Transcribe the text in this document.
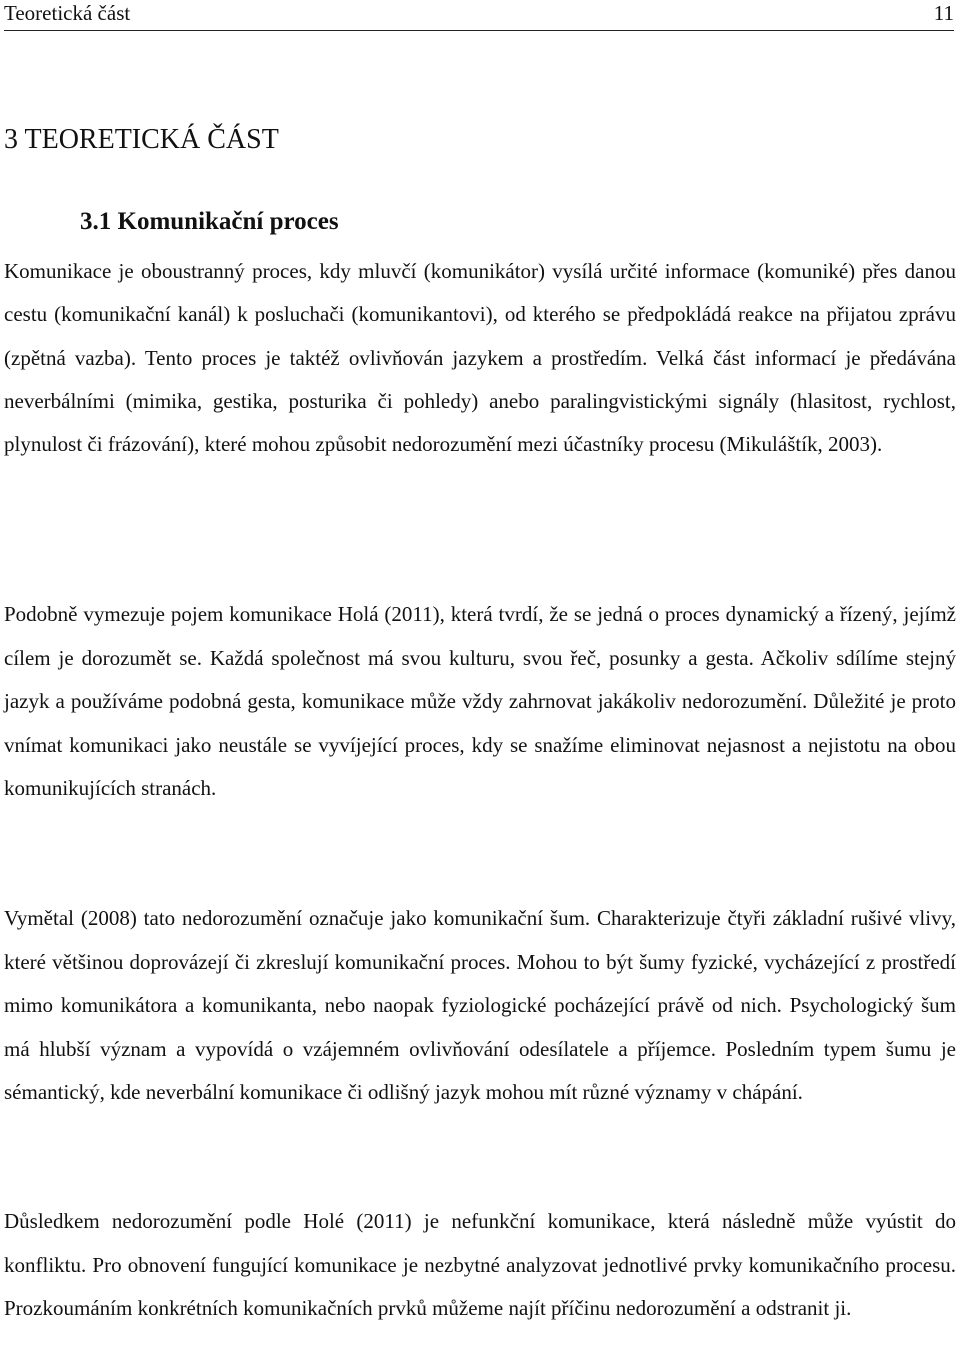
Teoretická část	11
3 TEORETICKÁ ČÁST
3.1 Komunikační proces

Komunikace je oboustranný proces, kdy mluvčí (komunikátor) vysílá určité informace (komuniké) přes danou cestu (komunikační kanál) k posluchači (komunikantovi), od kterého se předpokládá reakce na přijatou zprávu (zpětná vazba). Tento proces je taktéž ovlivňován jazykem a prostředím. Velká část informací je předávána neverbálními (mimika, gestika, posturika či pohledy) anebo paralingvistickými signály (hlasitost, rychlost, plynulost či frázování), které mohou způsobit nedorozumění mezi účastníky procesu (Mikuláštík, 2003).

Podobně vymezuje pojem komunikace Holá (2011), která tvrdí, že se jedná o proces dynamický a řízený, jejímž cílem je dorozumět se. Každá společnost má svou kulturu, svou řeč, posunky a gesta. Ačkoliv sdílíme stejný jazyk a používáme podobná gesta, komunikace může vždy zahrnovat jakákoliv nedorozumění. Důležité je proto vnímat komunikaci jako neustále se vyvíjející proces, kdy se snažíme eliminovat nejasnost a nejistotu na obou komunikujících stranách.

Vymětal (2008) tato nedorozumění označuje jako komunikační šum. Charakterizuje čtyři základní rušivé vlivy, které většinou doprovázejí či zkreslují komunikační proces. Mohou to být šumy fyzické, vycházející z prostředí mimo komunikátora a komunikanta, nebo naopak fyziologické pocházející právě od nich. Psychologický šum má hlubší význam a vypovídá o vzájemném ovlivňování odesílatele a příjemce. Posledním typem šumu je sémantický, kde neverbální komunikace či odlišný jazyk mohou mít různé významy v chápání.

Důsledkem nedorozumění podle Holé (2011) je nefunkční komunikace, která následně může vyústit do konfliktu. Pro obnovení fungující komunikace je nezbytné analyzovat jednotlivé prvky komunikačního procesu. Prozkoumáním konkrétních komunikačních prvků můžeme najít příčinu nedorozumění a odstranit ji.
